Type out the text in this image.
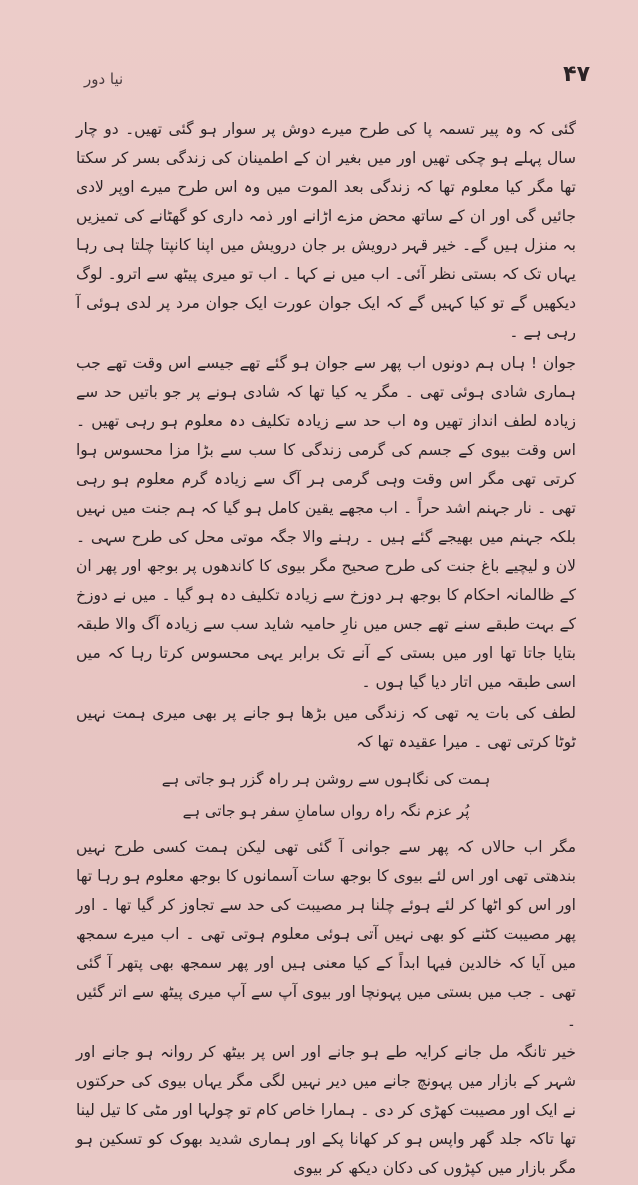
۴۷
نیا دور

گئی کہ وہ پیر تسمہ پا کی طرح میرے دوش پر سوار ہو گئی تھیں۔ دو چار سال پہلے ہو چکی تھیں اور میں بغیر ان کے اطمینان کی زندگی بسر کر سکتا تھا مگر کیا معلوم تھا کہ زندگی بعد الموت میں وہ اس طرح میرے اوپر لادی جائیں گی اور ان کے ساتھ محض مزے اڑانے اور ذمہ داری کو گھٹانے کی تمیزیں بہ منزل ہیں گے۔ خیر قہر درویش بر جان درویش میں اپنا کانپتا چلتا ہی رہا یہاں تک کہ بستی نظر آئی۔ اب میں نے کہا ۔ اب تو میری پیٹھ سے اترو۔ لوگ دیکھیں گے تو کیا کہیں گے کہ ایک جوان عورت ایک جوان مرد پر لدی ہوئی آ رہی ہے ۔

جوان ! ہاں ہم دونوں اب پھر سے جوان ہو گئے تھے جیسے اس وقت تھے جب ہماری شادی ہوئی تھی ۔ مگر یہ کیا تھا کہ شادی ہونے پر جو باتیں حد سے زیادہ لطف انداز تھیں وہ اب حد سے زیادہ تکلیف دہ معلوم ہو رہی تھیں ۔ اس وقت بیوی کے جسم کی گرمی زندگی کا سب سے بڑا مزا محسوس ہوا کرتی تھی مگر اس وقت وہی گرمی ہر آگ سے زیادہ گرم معلوم ہو رہی تھی ۔ نار جہنم اشد حراً ۔ اب مجھے یقین کامل ہو گیا کہ ہم جنت میں نہیں بلکہ جہنم میں بھیجے گئے ہیں ۔ رہنے والا جگہ موتی محل کی طرح سہی ۔ لان و لیچیے باغ جنت کی طرح صحیح مگر بیوی کا کاندھوں پر بوجھ اور پھر ان کے ظالمانہ احکام کا بوجھ ہر دوزخ سے زیادہ تکلیف دہ ہو گیا ۔ میں نے دوزخ کے بہت طبقے سنے تھے جس میں نارِ حامیہ شاید سب سے زیادہ آگ والا طبقہ بتایا جاتا تھا اور میں بستی کے آنے تک برابر یہی محسوس کرتا رہا کہ میں اسی طبقہ میں اتار دیا گیا ہوں ۔

لطف کی بات یہ تھی کہ زندگی میں بڑھا ہو جانے پر بھی میری ہمت نہیں ٹوٹا کرتی تھی ۔ میرا عقیدہ تھا کہ

ہمت کی نگاہوں سے روشن ہر راہ گزر ہو جاتی ہے
پُر عزم نگہ راہ رواں سامانِ سفر ہو جاتی ہے

مگر اب حالاں کہ پھر سے جوانی آ گئی تھی لیکن ہمت کسی طرح نہیں بندھتی تھی اور اس لئے بیوی کا بوجھ سات آسمانوں کا بوجھ معلوم ہو رہا تھا اور اس کو اٹھا کر لئے ہوئے چلنا ہر مصیبت کی حد سے تجاوز کر گیا تھا ۔ اور پھر مصیبت کٹنے کو بھی نہیں آتی ہوئی معلوم ہوتی تھی ۔ اب میرے سمجھ میں آیا کہ خالدین فیہا ابداً کے کیا معنی ہیں اور پھر سمجھ بھی پتھر آ گئی تھی ۔ جب میں بستی میں پہونچا اور بیوی آپ سے آپ میری پیٹھ سے اتر گئیں ۔

خیر تانگہ مل جانے کرایہ طے ہو جانے اور اس پر بیٹھ کر روانہ ہو جانے اور شہر کے بازار میں پہونچ جانے میں دیر نہیں لگی مگر یہاں بیوی کی حرکتوں نے ایک اور مصیبت کھڑی کر دی ۔ ہمارا خاص کام تو چولہا اور مٹی کا تیل لینا تھا تاکہ جلد گھر واپس ہو کر کھانا پکے اور ہماری شدید بھوک کو تسکین ہو مگر بازار میں کپڑوں کی دکان دیکھ کر بیوی
